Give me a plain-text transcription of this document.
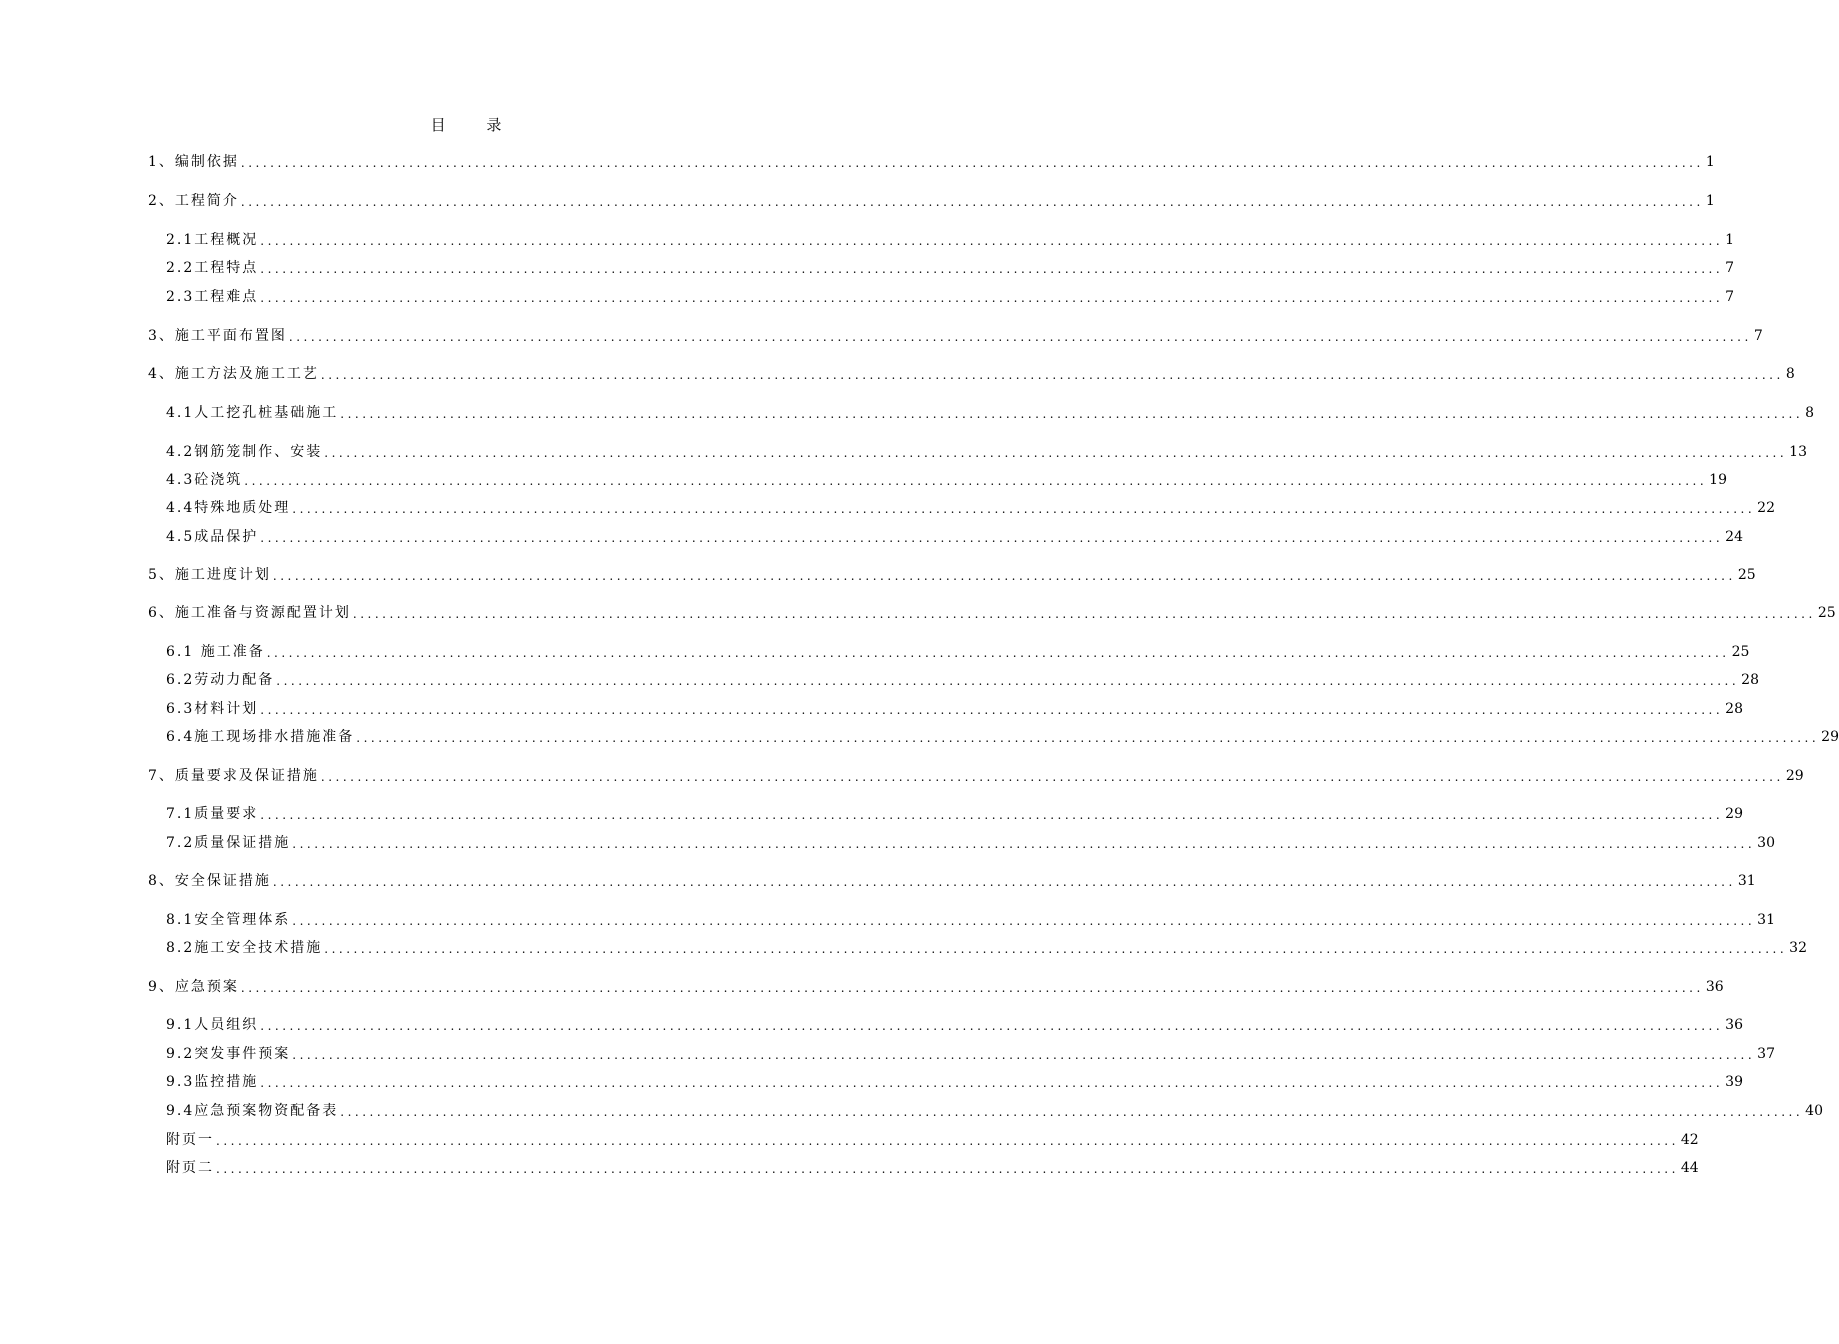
目 录
1、编制依据 ........................................................................................................................................................................................................ 1
2、工程简介 ........................................................................................................................................................................................................ 1
2.1工程概况 ........................................................................................................................................................................................................ 1
2.2工程特点 ........................................................................................................................................................................................................ 7
2.3工程难点 ........................................................................................................................................................................................................ 7
3、施工平面布置图 ........................................................................................................................................................................................................ 7
4、施工方法及施工工艺 ........................................................................................................................................................................................................ 8
4.1人工挖孔桩基础施工 ........................................................................................................................................................................................................ 8
4.2钢筋笼制作、安装 ........................................................................................................................................................................................................ 13
4.3砼浇筑 ........................................................................................................................................................................................................ 19
4.4特殊地质处理 ........................................................................................................................................................................................................ 22
4.5成品保护 ........................................................................................................................................................................................................ 24
5、施工进度计划 ........................................................................................................................................................................................................ 25
6、施工准备与资源配置计划 ........................................................................................................................................................................................................ 25
6.1 施工准备 ........................................................................................................................................................................................................ 25
6.2劳动力配备 ........................................................................................................................................................................................................ 28
6.3材料计划 ........................................................................................................................................................................................................ 28
6.4施工现场排水措施准备 ........................................................................................................................................................................................................ 29
7、质量要求及保证措施 ........................................................................................................................................................................................................ 29
7.1质量要求 ........................................................................................................................................................................................................ 29
7.2质量保证措施 ........................................................................................................................................................................................................ 30
8、安全保证措施 ........................................................................................................................................................................................................ 31
8.1安全管理体系 ........................................................................................................................................................................................................ 31
8.2施工安全技术措施 ........................................................................................................................................................................................................ 32
9、应急预案 ........................................................................................................................................................................................................ 36
9.1人员组织 ........................................................................................................................................................................................................ 36
9.2突发事件预案 ........................................................................................................................................................................................................ 37
9.3监控措施 ........................................................................................................................................................................................................ 39
9.4应急预案物资配备表 ........................................................................................................................................................................................................ 40
附页一 ........................................................................................................................................................................................................ 42
附页二 ........................................................................................................................................................................................................ 44
